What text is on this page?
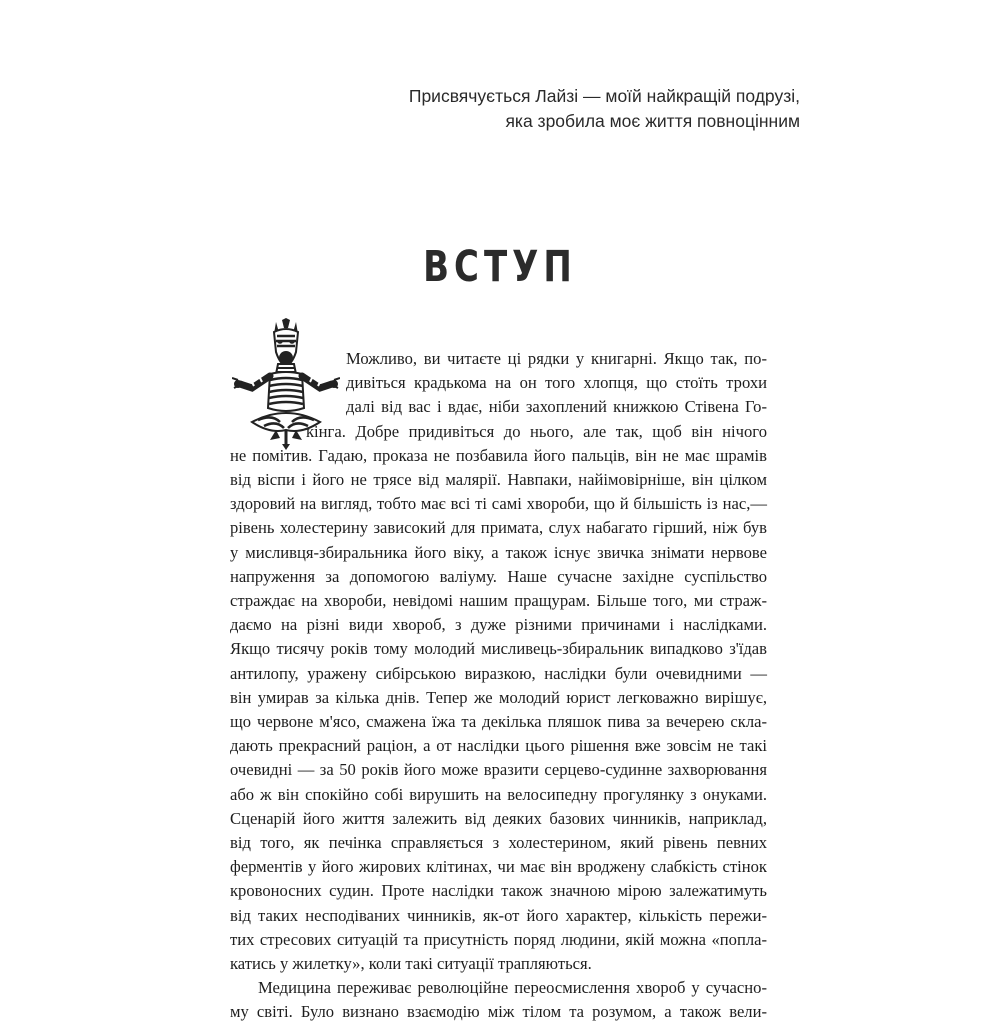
Присвячується Лайзі — моїй найкращій подрузі,
яка зробила моє життя повноцінним
ВСТУП
Можливо, ви читаєте ці рядки у книгарні. Якщо так, по-
дивіться крадькома на он того хлопця, що стоїть трохи
далі від вас і вдає, ніби захоплений книжкою Стівена Го-
кінга. Добре придивіться до нього, але так, щоб він нічого
не помітив. Гадаю, проказа не позбавила його пальців, він не має шрамів
від віспи і його не трясе від малярії. Навпаки, найімовірніше, він цілком
здоровий на вигляд, тобто має всі ті самі хвороби, що й більшість із нас,—
рівень холестерину зависокий для примата, слух набагато гірший, ніж був
у мисливця-збиральника його віку, а також існує звичка знімати нервове
напруження за допомогою валіуму. Наше сучасне західне суспільство
страждає на хвороби, невідомі нашим пращурам. Більше того, ми страж-
даємо на різні види хвороб, з дуже різними причинами і наслідками.
Якщо тисячу років тому молодий мисливець-збиральник випадково з'їдав
антилопу, уражену сибірською виразкою, наслідки були очевидними —
він умирав за кілька днів. Тепер же молодий юрист легковажно вирішує,
що червоне м'ясо, смажена їжа та декілька пляшок пива за вечерею скла-
дають прекрасний раціон, а от наслідки цього рішення вже зовсім не такі
очевидні — за 50 років його може вразити серцево-судинне захворювання
або ж він спокійно собі вирушить на велосипедну прогулянку з онуками.
Сценарій його життя залежить від деяких базових чинників, наприклад,
від того, як печінка справляється з холестерином, який рівень певних
ферментів у його жирових клітинах, чи має він вроджену слабкість стінок
кровоносних судин. Проте наслідки також значною мірою залежатимуть
від таких несподіваних чинників, як-от його характер, кількість пережи-
тих стресових ситуацій та присутність поряд людини, якій можна «попла-
катись у жилетку», коли такі ситуації трапляються.
Медицина переживає революційне переосмислення хвороб у сучасно-
му світі. Було визнано взаємодію між тілом та розумом, а також вели-
